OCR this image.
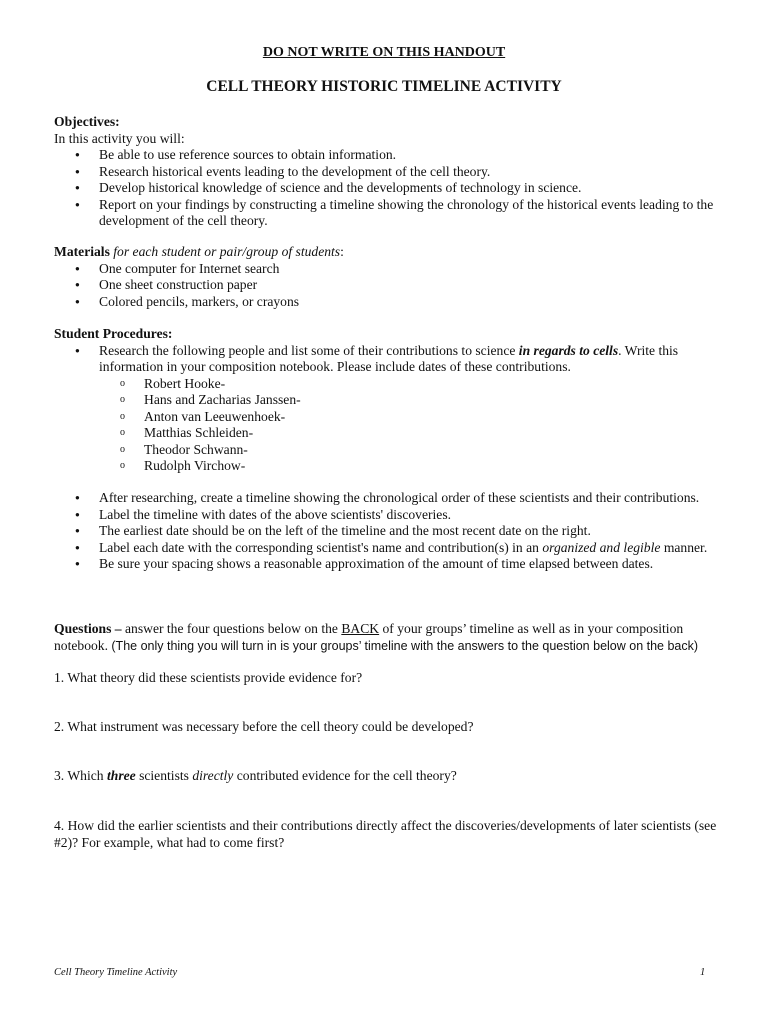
DO NOT WRITE ON THIS HANDOUT
CELL THEORY HISTORIC TIMELINE ACTIVITY
Objectives:
In this activity you will:
● Be able to use reference sources to obtain information.
● Research historical events leading to the development of the cell theory.
● Develop historical knowledge of science and the developments of technology in science.
● Report on your findings by constructing a timeline showing the chronology of the historical events leading to the development of the cell theory.
Materials for each student or pair/group of students:
● One computer for Internet search
● One sheet construction paper
● Colored pencils, markers, or crayons
Student Procedures:
● Research the following people and list some of their contributions to science in regards to cells. Write this information in your composition notebook. Please include dates of these contributions.
o Robert Hooke-
o Hans and Zacharias Janssen-
o Anton van Leeuwenhoek-
o Matthias Schleiden-
o Theodor Schwann-
o Rudolph Virchow-
● After researching, create a timeline showing the chronological order of these scientists and their contributions.
● Label the timeline with dates of the above scientists' discoveries.
● The earliest date should be on the left of the timeline and the most recent date on the right.
● Label each date with the corresponding scientist's name and contribution(s) in an organized and legible manner.
● Be sure your spacing shows a reasonable approximation of the amount of time elapsed between dates.
Questions – answer the four questions below on the BACK of your groups’ timeline as well as in your composition notebook. (The only thing you will turn in is your groups’ timeline with the answers to the question below on the back)
1. What theory did these scientists provide evidence for?
2. What instrument was necessary before the cell theory could be developed?
3. Which three scientists directly contributed evidence for the cell theory?
4. How did the earlier scientists and their contributions directly affect the discoveries/developments of later scientists (see #2)? For example, what had to come first?
Cell Theory Timeline Activity	1
